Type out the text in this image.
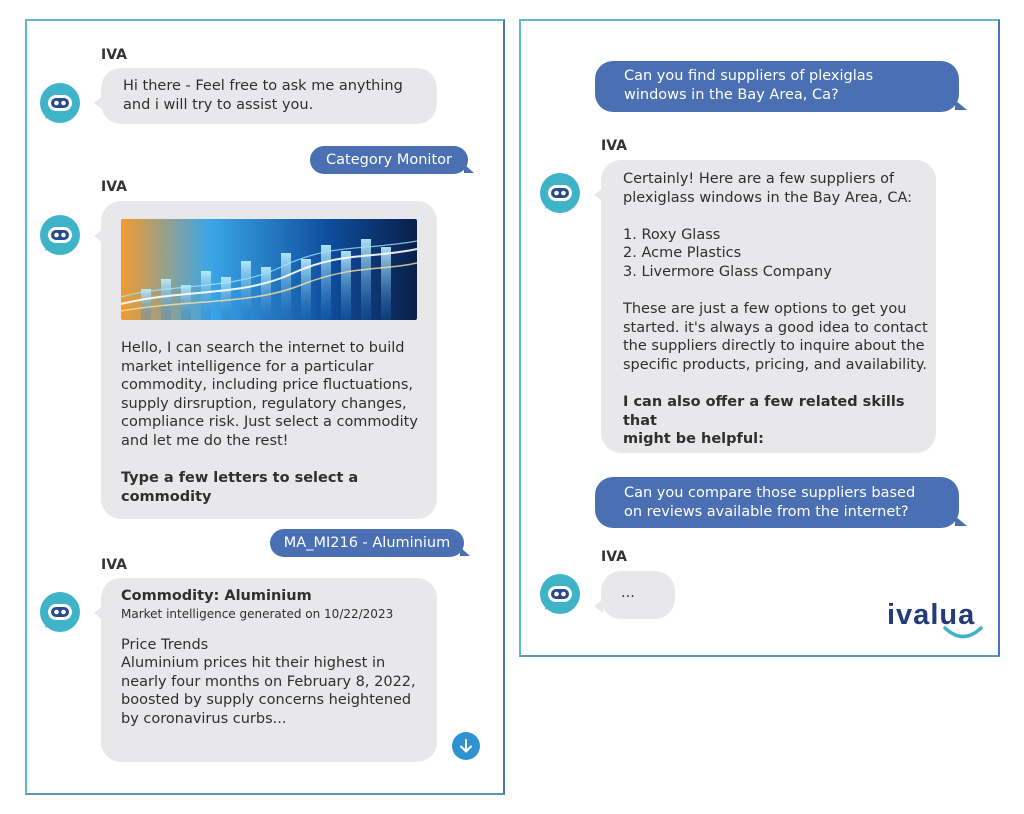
IVA
Hi there - Feel free to ask me anything
and i will try to assist you.
Category Monitor
IVA
Hello, I can search the internet to build
market intelligence for a particular
commodity, including price fluctuations,
supply dirsruption, regulatory changes,
compliance risk. Just select a commodity
and let me do the rest!
Type a few letters to select a
commodity
MA_MI216 - Aluminium
IVA
Commodity: Aluminium
Market intelligence generated on 10/22/2023
Price Trends
Aluminium prices hit their highest in
nearly four months on February 8, 2022,
boosted by supply concerns heightened
by coronavirus curbs...
Can you find suppliers of plexiglas
windows in the Bay Area, Ca?
IVA
Certainly! Here are a few suppliers of
plexiglass windows in the Bay Area, CA:
1. Roxy Glass
2. Acme Plastics
3. Livermore Glass Company
These are just a few options to get you
started. it's always a good idea to contact
the suppliers directly to inquire about the
specific products, pricing, and availability.
I can also offer a few related skills that
might be helpful:
Can you compare those suppliers based
on reviews available from the internet?
IVA
...
ivalua
